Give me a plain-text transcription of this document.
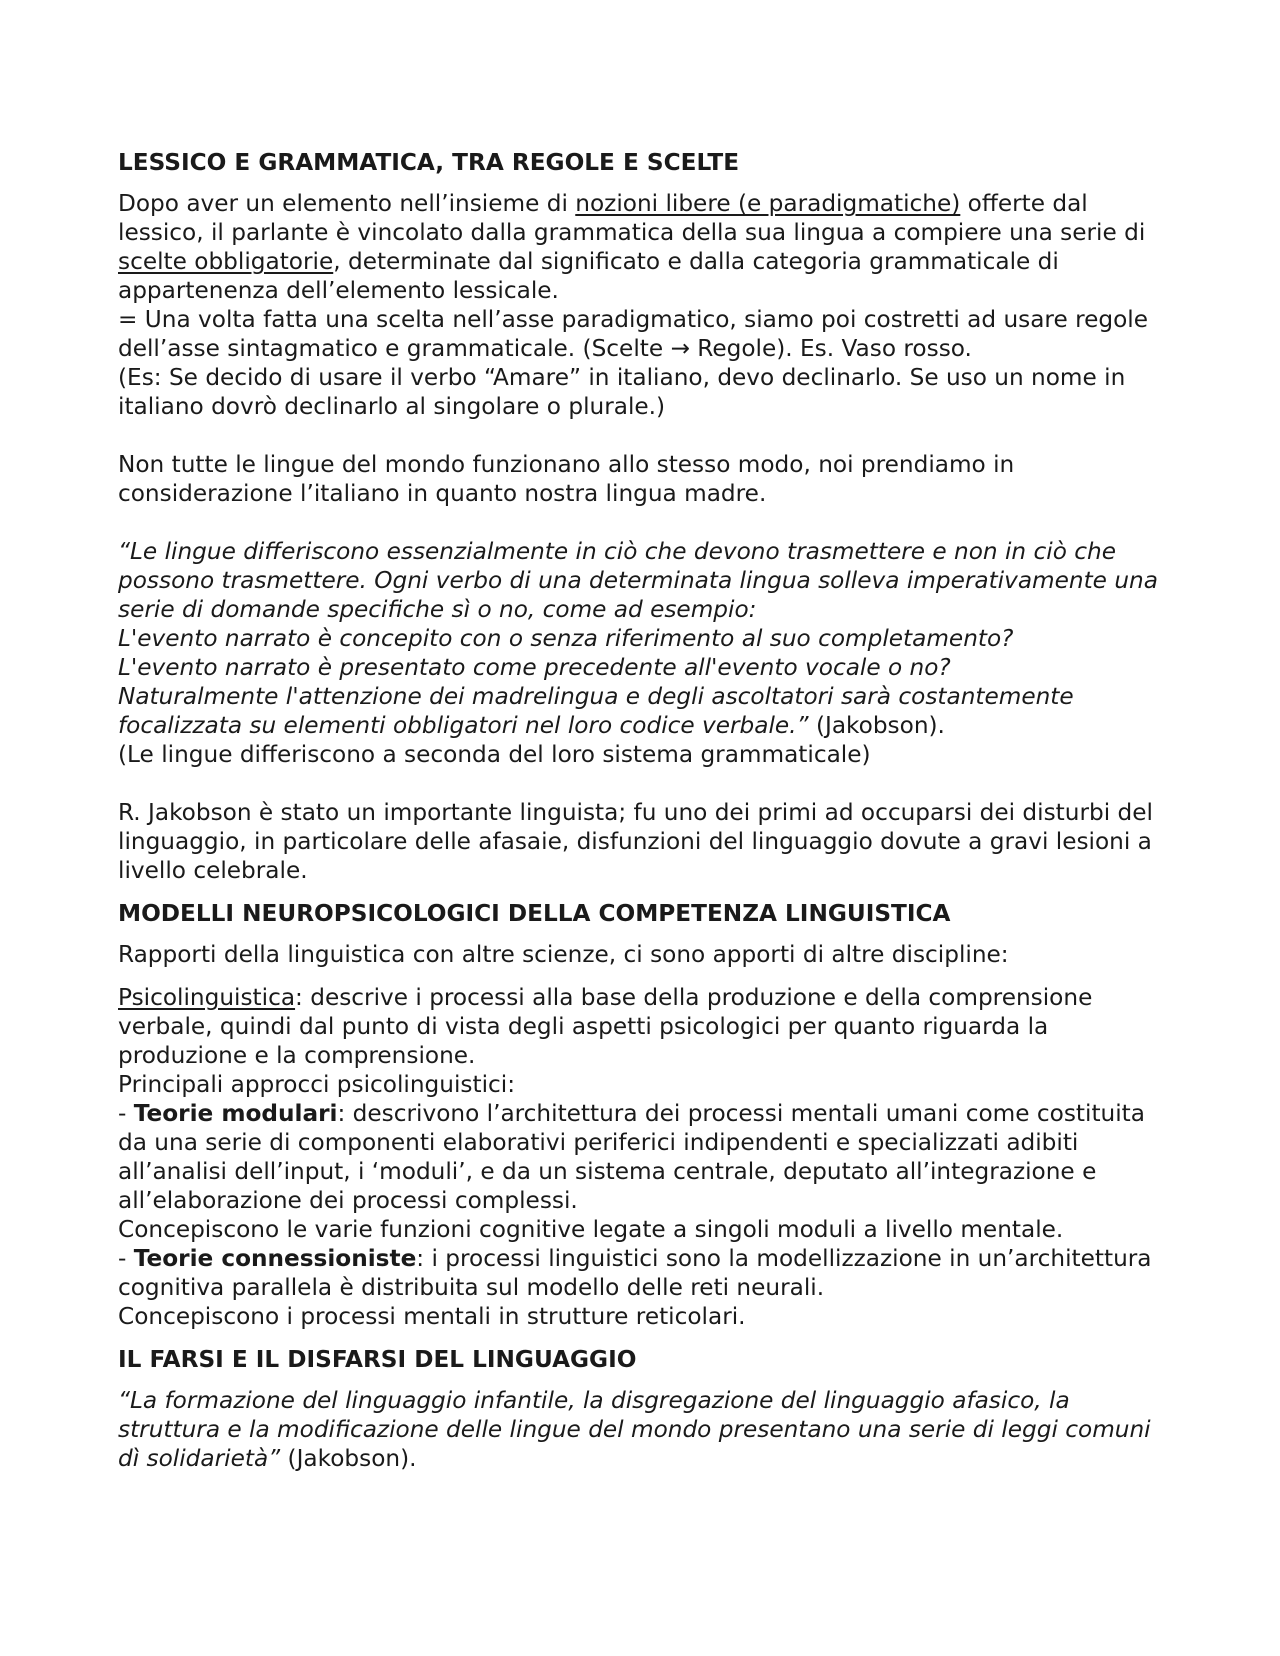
LESSICO E GRAMMATICA, TRA REGOLE E SCELTE

Dopo aver un elemento nell’insieme di nozioni libere (e paradigmatiche) offerte dal lessico, il parlante è vincolato dalla grammatica della sua lingua a compiere una serie di scelte obbligatorie, determinate dal significato e dalla categoria grammaticale di appartenenza dell’elemento lessicale.

= Una volta fatta una scelta nell’asse paradigmatico, siamo poi costretti ad usare regole dell’asse sintagmatico e grammaticale. (Scelte → Regole). Es. Vaso rosso.

(Es: Se decido di usare il verbo “Amare” in italiano, devo declinarlo. Se uso un nome in italiano dovrò declinarlo al singolare o plurale.)

Non tutte le lingue del mondo funzionano allo stesso modo, noi prendiamo in considerazione l’italiano in quanto nostra lingua madre.

“Le lingue differiscono essenzialmente in ciò che devono trasmettere e non in ciò che possono trasmettere. Ogni verbo di una determinata lingua solleva imperativamente una serie di domande specifiche sì o no, come ad esempio:
L'evento narrato è concepito con o senza riferimento al suo completamento?
L'evento narrato è presentato come precedente all'evento vocale o no?
Naturalmente l'attenzione dei madrelingua e degli ascoltatori sarà costantemente focalizzata su elementi obbligatori nel loro codice verbale.” (Jakobson).

(Le lingue differiscono a seconda del loro sistema grammaticale)

R. Jakobson è stato un importante linguista; fu uno dei primi ad occuparsi dei disturbi del linguaggio, in particolare delle afasaie, disfunzioni del linguaggio dovute a gravi lesioni a livello celebrale.

MODELLI NEUROPSICOLOGICI DELLA COMPETENZA LINGUISTICA

Rapporti della linguistica con altre scienze, ci sono apporti di altre discipline:

Psicolinguistica: descrive i processi alla base della produzione e della comprensione verbale, quindi dal punto di vista degli aspetti psicologici per quanto riguarda la produzione e la comprensione.

Principali approcci psicolinguistici:

- Teorie modulari: descrivono l’architettura dei processi mentali umani come costituita da una serie di componenti elaborativi periferici indipendenti e specializzati adibiti all’analisi dell’input, i ‘moduli’, e da un sistema centrale, deputato all’integrazione e all’elaborazione dei processi complessi.

Concepiscono le varie funzioni cognitive legate a singoli moduli a livello mentale.

- Teorie connessioniste: i processi linguistici sono la modellizzazione in un’architettura cognitiva parallela è distribuita sul modello delle reti neurali.

Concepiscono i processi mentali in strutture reticolari.

IL FARSI E IL DISFARSI DEL LINGUAGGIO

“La formazione del linguaggio infantile, la disgregazione del linguaggio afasico, la struttura e la modificazione delle lingue del mondo presentano una serie di leggi comuni dì solidarietà” (Jakobson).
